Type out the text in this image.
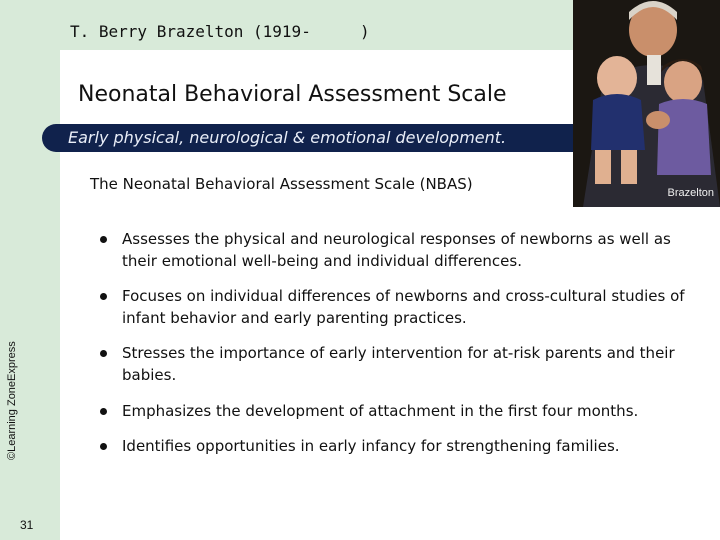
T. Berry Brazelton (1919-	)
Neonatal Behavioral Assessment Scale
Early physical, neurological & emotional development.
Brazelton
The Neonatal Behavioral Assessment Scale (NBAS)
Assesses the physical and neurological responses of newborns as well as their emotional well-being and individual differences.
Focuses on individual differences of newborns and cross-cultural studies of infant behavior and early parenting practices.
Stresses the importance of early intervention for at-risk parents and their babies.
Emphasizes the development of attachment in the first four months.
Identifies opportunities in early infancy for strengthening families.
©Learning ZoneExpress
31
